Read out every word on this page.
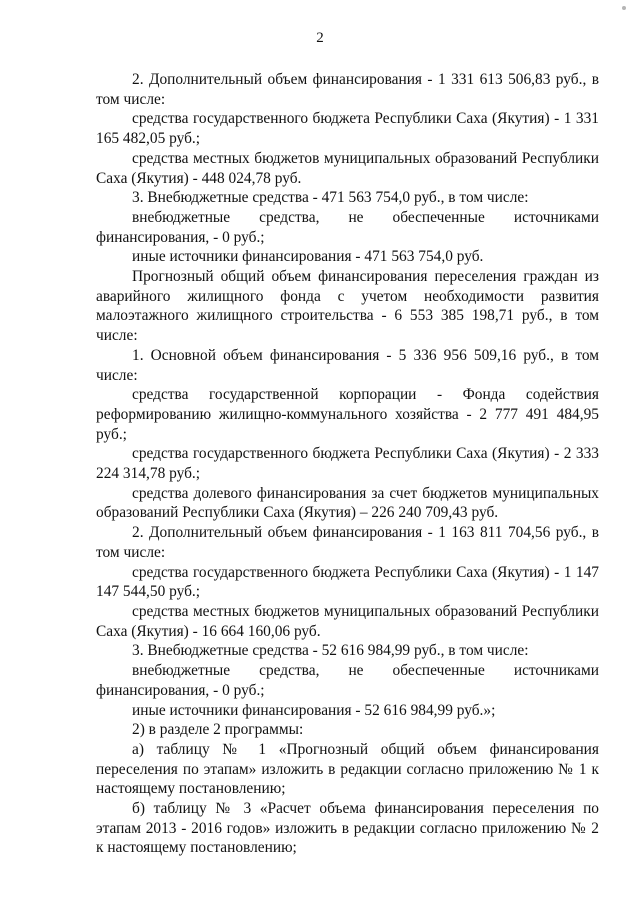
2

2. Дополнительный объем финансирования - 1 331 613 506,83 руб., в том числе:

средства государственного бюджета Республики Саха (Якутия) - 1 331 165 482,05 руб.;

средства местных бюджетов муниципальных образований Республики Саха (Якутия) - 448 024,78 руб.

3. Внебюджетные средства - 471 563 754,0 руб., в том числе:

внебюджетные средства, не обеспеченные источниками финансирования, - 0 руб.;

иные источники финансирования - 471 563 754,0 руб.

Прогнозный общий объем финансирования переселения граждан из аварийного жилищного фонда с учетом необходимости развития малоэтажного жилищного строительства - 6 553 385 198,71 руб., в том числе:

1. Основной объем финансирования - 5 336 956 509,16 руб., в том числе:

средства государственной корпорации - Фонда содействия реформированию жилищно-коммунального хозяйства - 2 777 491 484,95 руб.;

средства государственного бюджета Республики Саха (Якутия) - 2 333 224 314,78 руб.;

средства долевого финансирования за счет бюджетов муниципальных образований Республики Саха (Якутия) – 226 240 709,43 руб.

2. Дополнительный объем финансирования - 1 163 811 704,56 руб., в том числе:

средства государственного бюджета Республики Саха (Якутия) - 1 147 147 544,50 руб.;

средства местных бюджетов муниципальных образований Республики Саха (Якутия) - 16 664 160,06 руб.

3. Внебюджетные средства - 52 616 984,99 руб., в том числе:

внебюджетные средства, не обеспеченные источниками финансирования, - 0 руб.;

иные источники финансирования - 52 616 984,99 руб.»;

2) в разделе 2 программы:

а) таблицу № 1 «Прогнозный общий объем финансирования переселения по этапам» изложить в редакции согласно приложению № 1 к настоящему постановлению;

б) таблицу № 3 «Расчет объема финансирования переселения по этапам 2013 - 2016 годов» изложить в редакции согласно приложению № 2 к настоящему постановлению;
